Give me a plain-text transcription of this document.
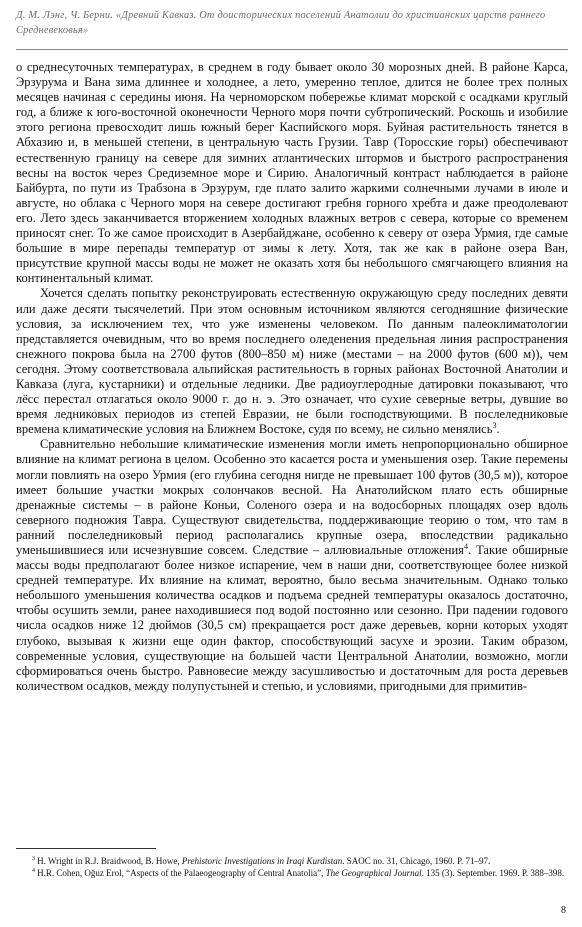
Д. М. Лэнг, Ч. Берни. «Древний Кавказ. От доисторических поселений Анатолии до христианских царств раннего Средневековья»

о среднесуточных температурах, в среднем в году бывает около 30 морозных дней. В районе Карса, Эрзурума и Вана зима длиннее и холоднее, а лето, умеренно теплое, длится не более трех полных месяцев начиная с середины июня. На черноморском побережье климат морской с осадками круглый год, а ближе к юго-восточной оконечности Черного моря почти субтропический. Роскошь и изобилие этого региона превосходит лишь южный берег Каспийского моря. Буйная растительность тянется в Абхазию и, в меньшей степени, в центральную часть Грузии. Тавр (Торосские горы) обеспечивают естественную границу на севере для зимних атлантических штормов и быстрого распространения весны на восток через Средиземное море и Сирию. Аналогичный контраст наблюдается в районе Байбурта, по пути из Трабзона в Эрзурум, где плато залито жаркими солнечными лучами в июле и августе, но облака с Черного моря на севере достигают гребня горного хребта и даже преодолевают его. Лето здесь заканчивается вторжением холодных влажных ветров с севера, которые со временем приносят снег. То же самое происходит в Азербайджане, особенно к северу от озера Урмия, где самые большие в мире перепады температур от зимы к лету. Хотя, так же как в районе озера Ван, присутствие крупной массы воды не может не оказать хотя бы небольшого смягчающего влияния на континентальный климат.

Хочется сделать попытку реконструировать естественную окружающую среду последних девяти или даже десяти тысячелетий. При этом основным источником являются сегодняшние физические условия, за исключением тех, что уже изменены человеком. По данным палеоклиматологии представляется очевидным, что во время последнего оледенения предельная линия распространения снежного покрова была на 2700 футов (800–850 м) ниже (местами – на 2000 футов (600 м)), чем сегодня. Этому соответствовала альпийская растительность в горных районах Восточной Анатолии и Кавказа (луга, кустарники) и отдельные ледники. Две радиоуглеродные датировки показывают, что лёсс перестал отлагаться около 9000 г. до н. э. Это означает, что сухие северные ветры, дувшие во время ледниковых периодов из степей Евразии, не были господствующими. В послеледниковые времена климатические условия на Ближнем Востоке, судя по всему, не сильно менялись$^3$.

Сравнительно небольшие климатические изменения могли иметь непропорционально обширное влияние на климат региона в целом. Особенно это касается роста и уменьшения озер. Такие перемены могли повлиять на озеро Урмия (его глубина сегодня нигде не превышает 100 футов (30,5 м)), которое имеет большие участки мокрых солончаков весной. На Анатолийском плато есть обширные дренажные системы – в районе Коньи, Соленого озера и на водосборных площадях озер вдоль северного подножия Тавра. Существуют свидетельства, поддерживающие теорию о том, что там в ранний послеледниковый период располагались крупные озера, впоследствии радикально уменьшившиеся или исчезнувшие совсем. Следствие – аллювиальные отложения$^4$. Такие обширные массы воды предполагают более низкое испарение, чем в наши дни, соответствующее более низкой средней температуре. Их влияние на климат, вероятно, было весьма значительным. Однако только небольшого уменьшения количества осадков и подъема средней температуры оказалось достаточно, чтобы осушить земли, ранее находившиеся под водой постоянно или сезонно. При падении годового числа осадков ниже 12 дюймов (30,5 см) прекращается рост даже деревьев, корни которых уходят глубоко, вызывая к жизни еще один фактор, способствующий засухе и эрозии. Таким образом, современные условия, существующие на большей части Центральной Анатолии, возможно, могли сформироваться очень быстро. Равновесие между засушливостью и достаточным для роста деревьев количеством осадков, между полупустыней и степью, и условиями, пригодными для примитив-

$^3$ H. Wright in R.J. Braidwood, B. Howe, Prehistoric Investigations in Iraqi Kurdistan. SAOC no. 31, Chicago, 1960. P. 71–97.

$^4$ H.R. Cohen, Oğuz Erol, “Aspects of the Palaeogeography of Central Anatolia”, The Geographical Journal. 135 (3). September. 1969. P. 388–398.

8
